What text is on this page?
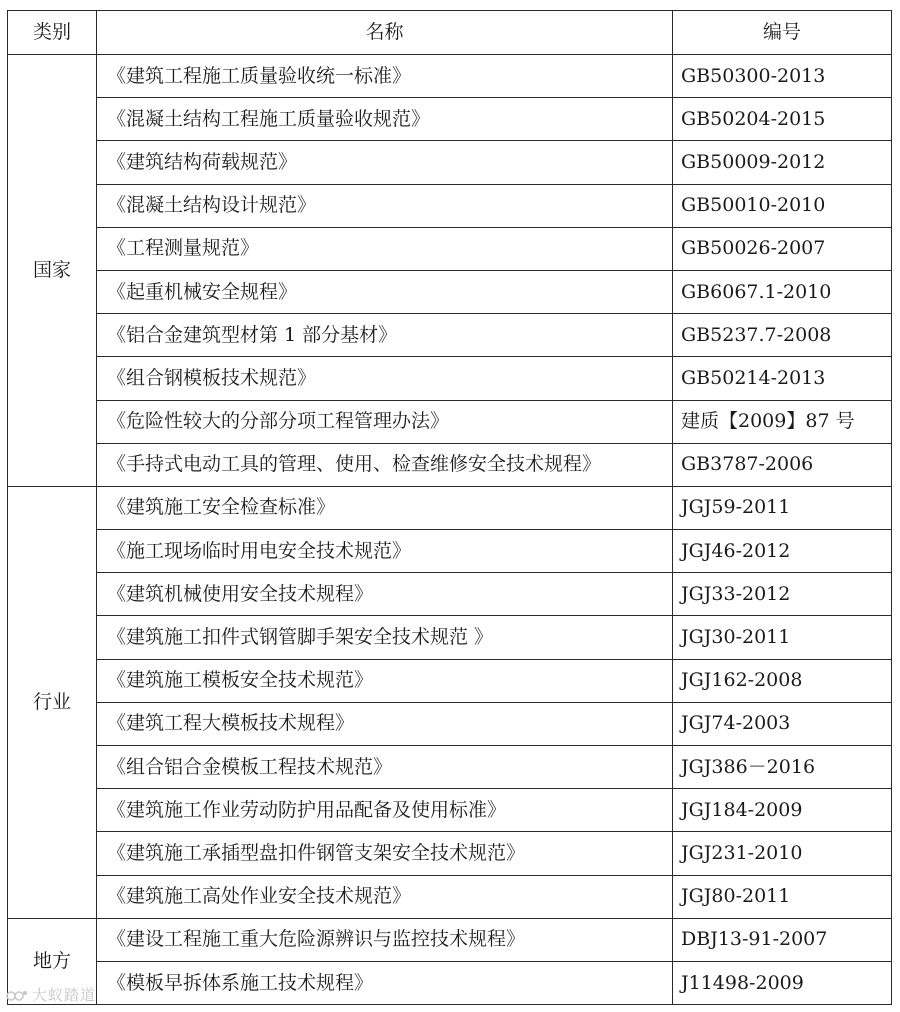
类别	名称	编号
国家	《建筑工程施工质量验收统一标准》	GB50300-2013
	《混凝土结构工程施工质量验收规范》	GB50204-2015
	《建筑结构荷载规范》	GB50009-2012
	《混凝土结构设计规范》	GB50010-2010
	《工程测量规范》	GB50026-2007
	《起重机械安全规程》	GB6067.1-2010
	《铝合金建筑型材第 1 部分基材》	GB5237.7-2008
	《组合钢模板技术规范》	GB50214-2013
	《危险性较大的分部分项工程管理办法》	建质【2009】87 号
	《手持式电动工具的管理、使用、检查维修安全技术规程》	GB3787-2006
行业	《建筑施工安全检查标准》	JGJ59-2011
	《施工现场临时用电安全技术规范》	JGJ46-2012
	《建筑机械使用安全技术规程》	JGJ33-2012
	《建筑施工扣件式钢管脚手架安全技术规范 》	JGJ30-2011
	《建筑施工模板安全技术规范》	JGJ162-2008
	《建筑工程大模板技术规程》	JGJ74-2003
	《组合铝合金模板工程技术规范》	JGJ386－2016
	《建筑施工作业劳动防护用品配备及使用标准》	JGJ184-2009
	《建筑施工承插型盘扣件钢管支架安全技术规范》	JGJ231-2010
	《建筑施工高处作业安全技术规范》	JGJ80-2011
地方	《建设工程施工重大危险源辨识与监控技术规程》	DBJ13-91-2007
	《模板早拆体系施工技术规程》	J11498-2009
大蚁踏道
